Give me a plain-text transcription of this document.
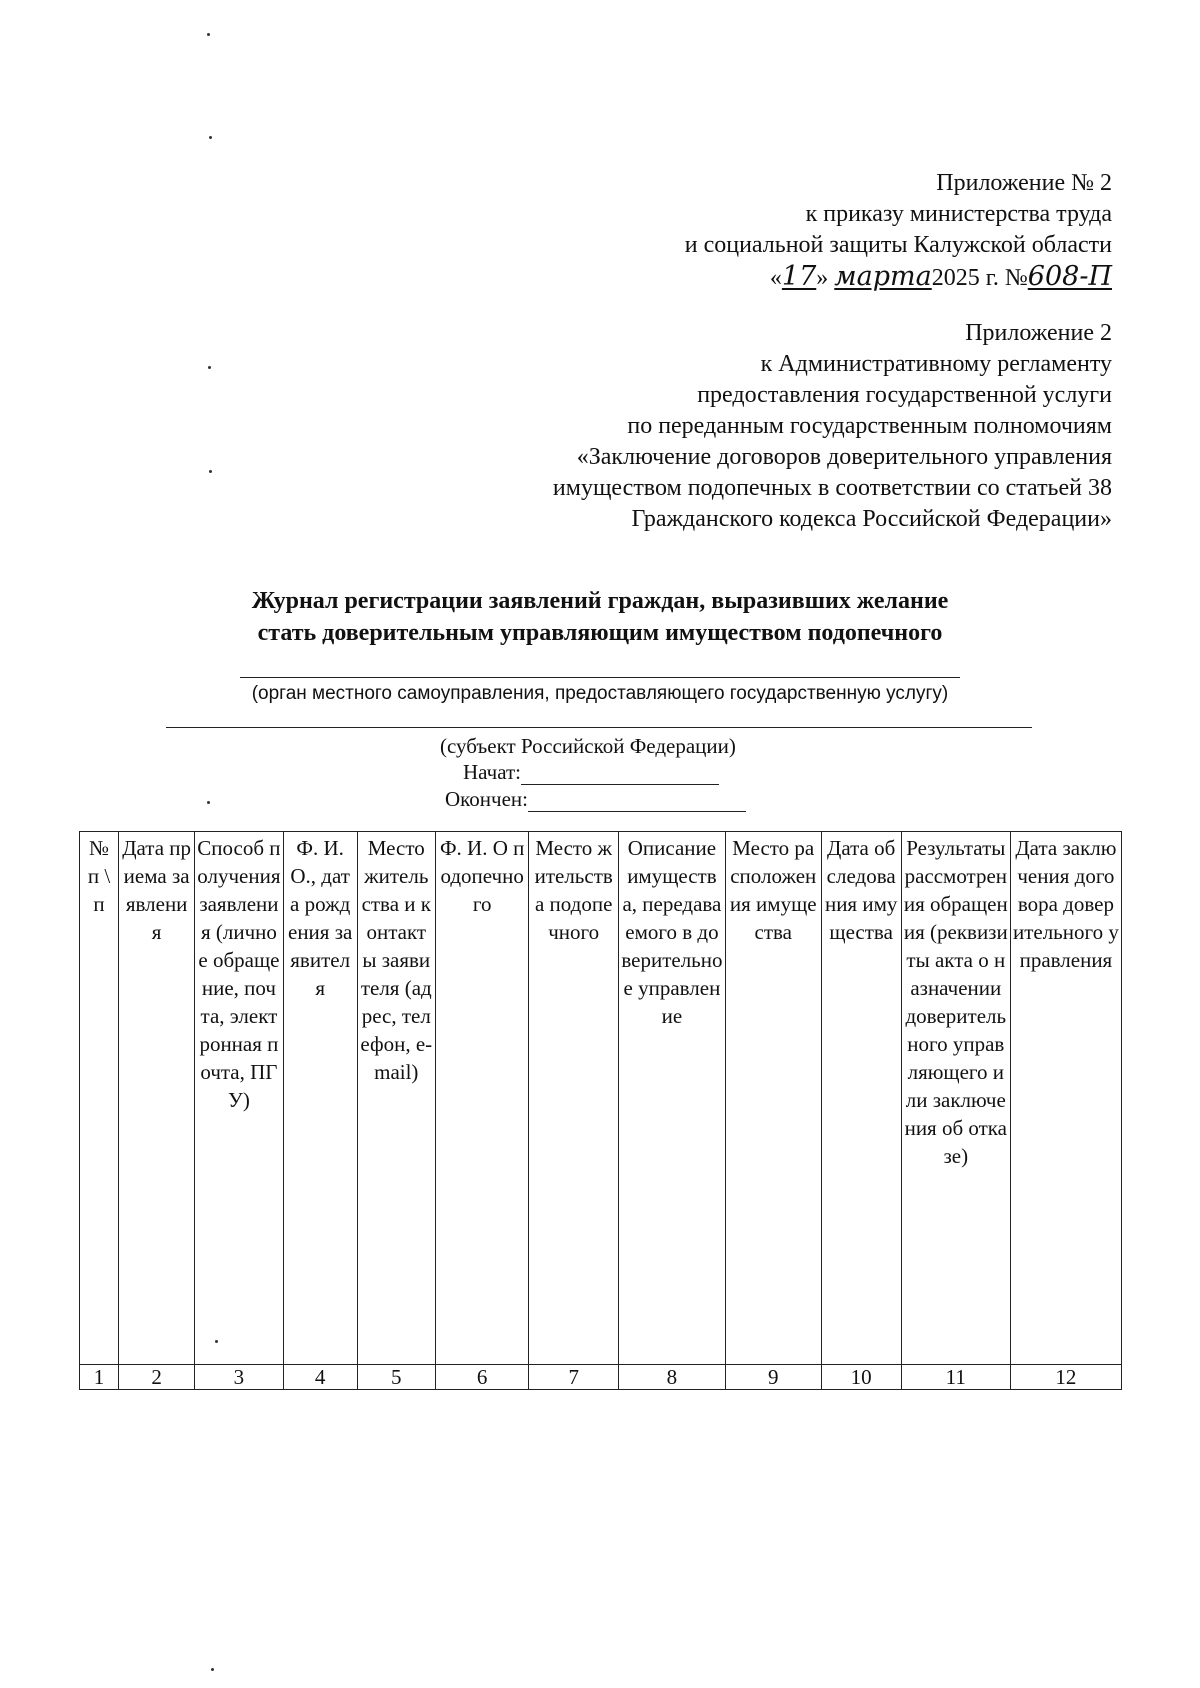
Приложение № 2
к приказу министерства труда
и социальной защиты Калужской области
«17» марта2025 г. №608-П
Приложение 2
к Административному регламенту
предоставления государственной услуги
по переданным государственным полномочиям
«Заключение договоров доверительного управления
имуществом подопечных в соответствии со статьей 38
Гражданского кодекса Российской Федерации»
Журнал регистрации заявлений граждан, выразивших желание
стать доверительным управляющим имуществом подопечного
(орган местного самоуправления, предоставляющего государственную услугу)
(субъект Российской Федерации)
Начат:
Окончен:
№ п \ п	Дата приема заявления	Способ получения заявления (личное обращение, почта, электронная почта, ПГУ)	Ф. И. О., дата рождения заявителя	Место жительства и контакты заявителя (адрес, телефон, e-mail)	Ф. И. О подопечного	Место жительства подопечного	Описание имущества, передаваемого в доверительное управление	Место расположения имущества	Дата обследования имущества	Результаты рассмотрения обращения (реквизиты акта о назначении доверительного управляющего или заключения об отказе)	Дата заключения договора доверительного управления
1	2	3	4	5	6	7	8	9	10	11	12
